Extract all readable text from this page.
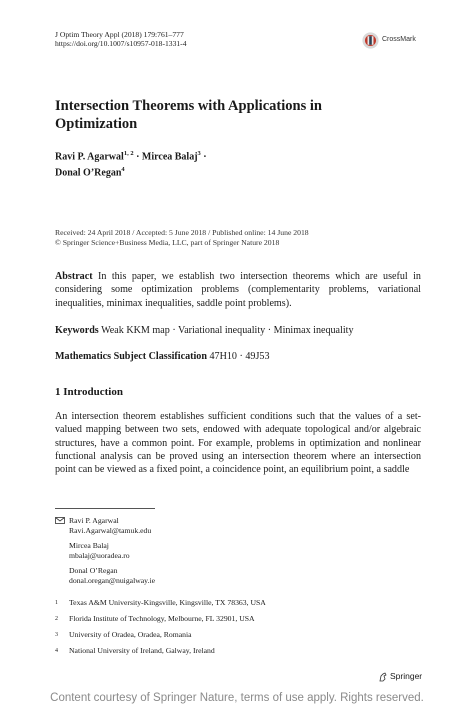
J Optim Theory Appl (2018) 179:761–777
https://doi.org/10.1007/s10957-018-1331-4	CrossMark
Intersection Theorems with Applications in Optimization
Ravi P. Agarwal$^{1, 2}$ · Mircea Balaj$^3$ ·
Donal O’Regan$^4$
Received: 24 April 2018 / Accepted: 5 June 2018 / Published online: 14 June 2018
© Springer Science+Business Media, LLC, part of Springer Nature 2018
Abstract In this paper, we establish two intersection theorems which are useful in considering some optimization problems (complementarity problems, variational inequalities, minimax inequalities, saddle point problems).
Keywords Weak KKM map · Variational inequality · Minimax inequality
Mathematics Subject Classification 47H10 · 49J53
1 Introduction
An intersection theorem establishes sufficient conditions such that the values of a set-valued mapping between two sets, endowed with adequate topological and/or algebraic structures, have a common point. For example, problems in optimization and nonlinear functional analysis can be proved using an intersection theorem where an intersection point can be viewed as a fixed point, a coincidence point, an equilibrium point, a saddle
Ravi P. Agarwal
Ravi.Agarwal@tamuk.edu
Mircea Balaj
mbalaj@uoradea.ro
Donal O’Regan
donal.oregan@nuigalway.ie
1	Texas A&M University-Kingsville, Kingsville, TX 78363, USA
2	Florida Institute of Technology, Melbourne, FL 32901, USA
3	University of Oradea, Oradea, Romania
4	National University of Ireland, Galway, Ireland
Springer
Content courtesy of Springer Nature, terms of use apply. Rights reserved.
